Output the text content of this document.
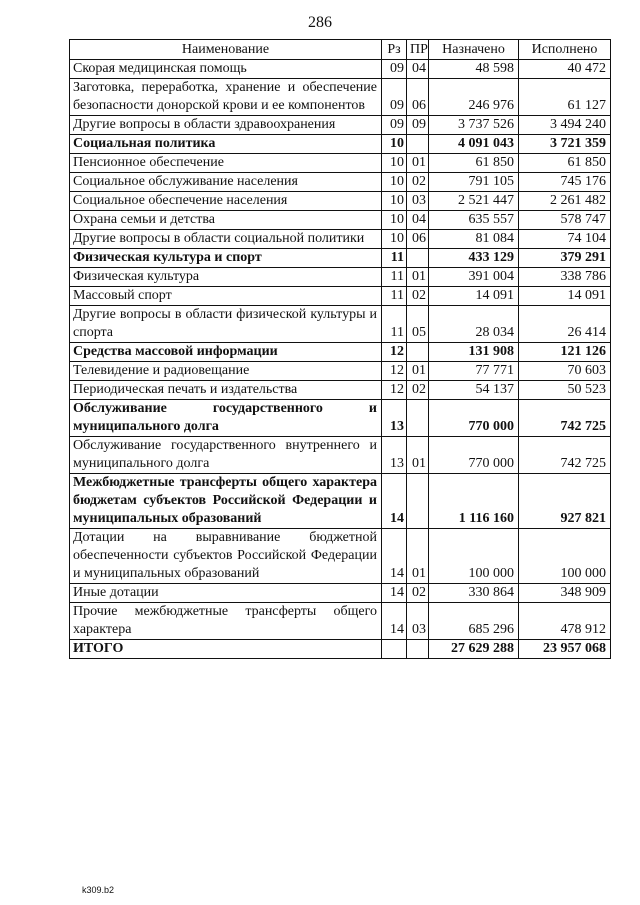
286
Наименование	Рз	ПР	Назначено	Исполнено
Скорая медицинская помощь	09	04	48 598	40 472
Заготовка, переработка, хранение и обеспечение безопасности донорской крови и ее компонентов	09	06	246 976	61 127
Другие вопросы в области здравоохранения	09	09	3 737 526	3 494 240
Социальная политика	10		4 091 043	3 721 359
Пенсионное обеспечение	10	01	61 850	61 850
Социальное обслуживание населения	10	02	791 105	745 176
Социальное обеспечение населения	10	03	2 521 447	2 261 482
Охрана семьи и детства	10	04	635 557	578 747
Другие вопросы в области социальной политики	10	06	81 084	74 104
Физическая культура и спорт	11		433 129	379 291
Физическая культура	11	01	391 004	338 786
Массовый спорт	11	02	14 091	14 091
Другие вопросы в области физической культуры и спорта	11	05	28 034	26 414
Средства массовой информации	12		131 908	121 126
Телевидение и радиовещание	12	01	77 771	70 603
Периодическая печать и издательства	12	02	54 137	50 523
Обслуживание государственного и муниципального долга	13		770 000	742 725
Обслуживание государственного внутреннего и муниципального долга	13	01	770 000	742 725
Межбюджетные трансферты общего характера бюджетам субъектов Российской Федерации и муниципальных образований	14		1 116 160	927 821
Дотации на выравнивание бюджетной обеспеченности субъектов Российской Федерации и муниципальных образований	14	01	100 000	100 000
Иные дотации	14	02	330 864	348 909
Прочие межбюджетные трансферты общего характера	14	03	685 296	478 912
ИТОГО			27 629 288	23 957 068
k309.b2
